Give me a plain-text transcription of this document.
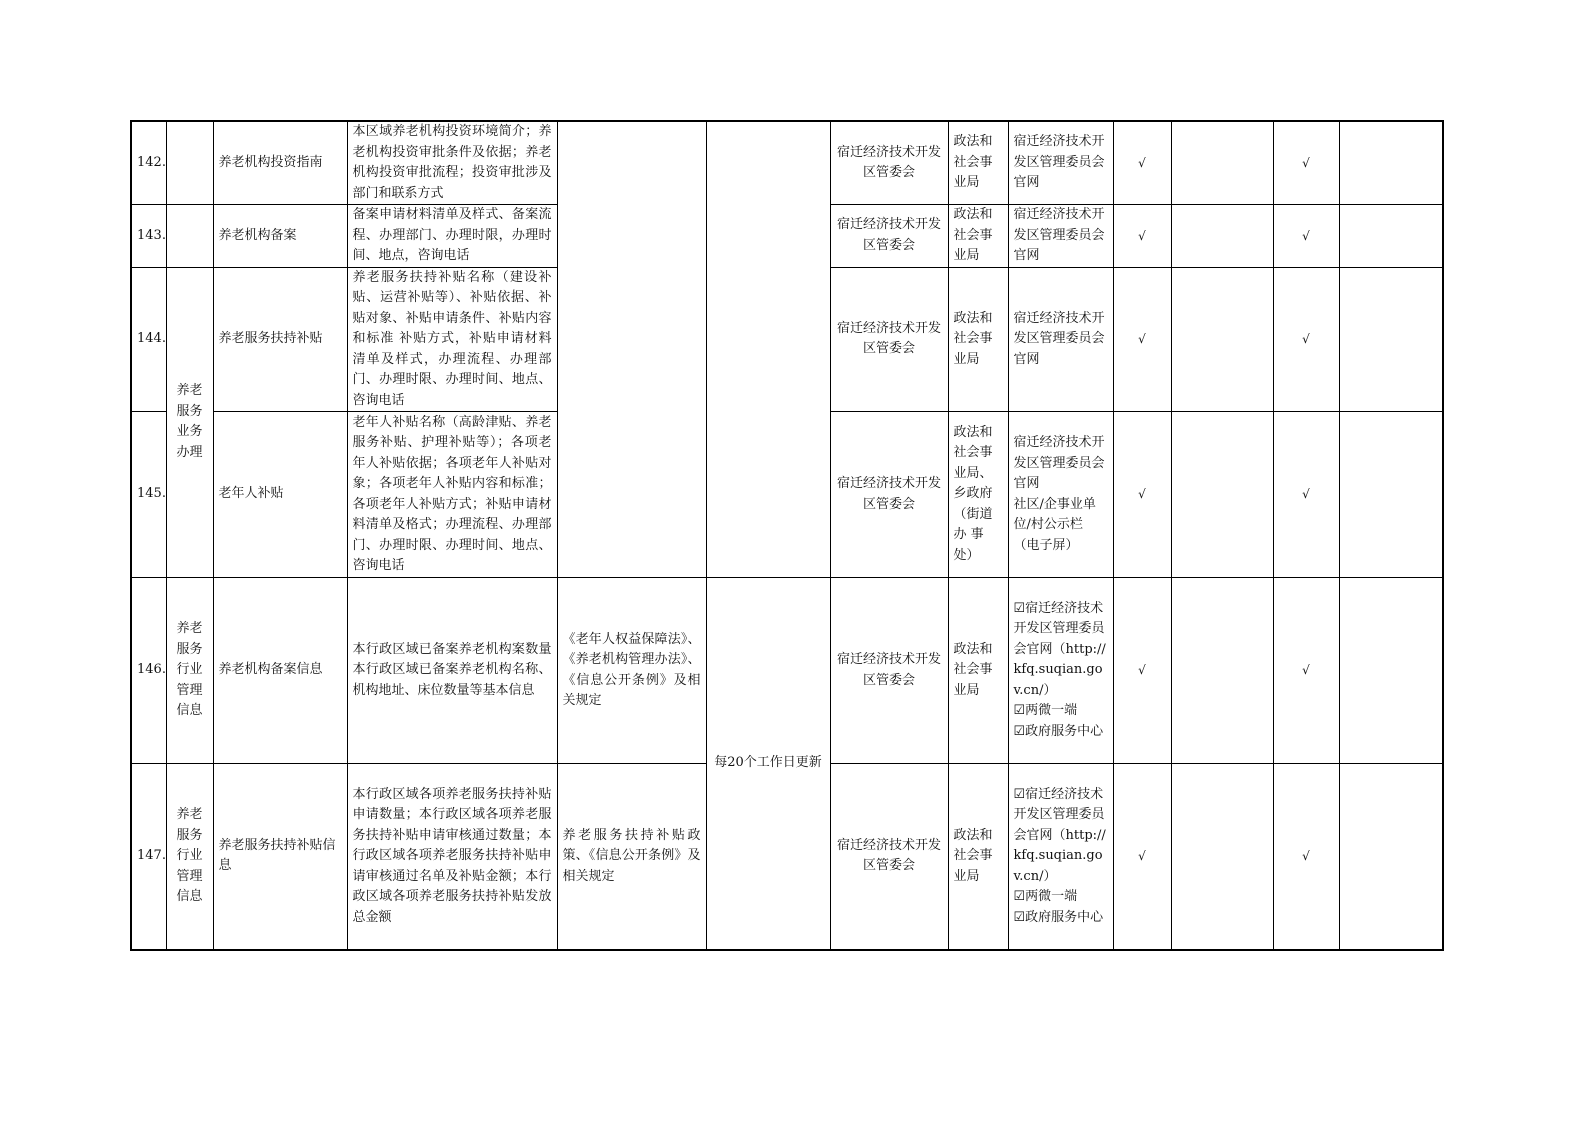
142.		养老机构投资指南	本区域养老机构投资环境简介；养老机构投资审批条件及依据；养老机构投资审批流程；投资审批涉及部门和联系方式			宿迁经济技术开发区管委会	政法和社会事业局	宿迁经济技术开发区管理委员会官网	√		√	
143.		养老机构备案	备案申请材料清单及样式、备案流程、办理部门、办理时限，办理时间、地点，咨询电话			宿迁经济技术开发区管委会	政法和社会事业局	宿迁经济技术开发区管理委员会官网	√		√	
144.	养老服务业务办理	养老服务扶持补贴	养老服务扶持补贴名称（建设补贴、运营补贴等）、补贴依据、补贴对象、补贴申请条件、补贴内容和标准 补贴方式，补贴申请材料清单及样式，办理流程、办理部门、办理时限、办理时间、地点、咨询电话			宿迁经济技术开发区管委会	政法和社会事业局	宿迁经济技术开发区管理委员会官网	√		√	
145.		老年人补贴	老年人补贴名称（高龄津贴、养老服务补贴、护理补贴等）；各项老年人补贴依据；各项老年人补贴对象；各项老年人补贴内容和标准；各项老年人补贴方式；补贴申请材料清单及格式；办理流程、办理部门、办理时限、办理时间、地点、咨询电话			宿迁经济技术开发区管委会	政法和社会事业局、乡政府（街道办 事处）	宿迁经济技术开发区管理委员会官网
社区/企事业单位/村公示栏（电子屏）	√		√	
146.	养老服务行业管理信息	养老机构备案信息	本行政区域已备案养老机构案数量本行政区域已备案养老机构名称、机构地址、床位数量等基本信息	《老年人权益保障法》、《养老机构管理办法》、《信息公开条例》及相关规定	每20个工作日更新	宿迁经济技术开发区管委会	政法和社会事业局	☑宿迁经济技术开发区管理委员会官网（http://kfq.suqian.gov.cn/）
☑两微一端
☑政府服务中心	√		√	
147.	养老服务行业管理信息	养老服务扶持补贴信息	本行政区域各项养老服务扶持补贴申请数量；本行政区域各项养老服务扶持补贴申请审核通过数量；本行政区域各项养老服务扶持补贴申请审核通过名单及补贴金额；本行政区域各项养老服务扶持补贴发放总金额	养老服务扶持补贴政策、《信息公开条例》及相关规定		宿迁经济技术开发区管委会	政法和社会事业局	☑宿迁经济技术开发区管理委员会官网（http://kfq.suqian.gov.cn/）
☑两微一端
☑政府服务中心	√		√	
